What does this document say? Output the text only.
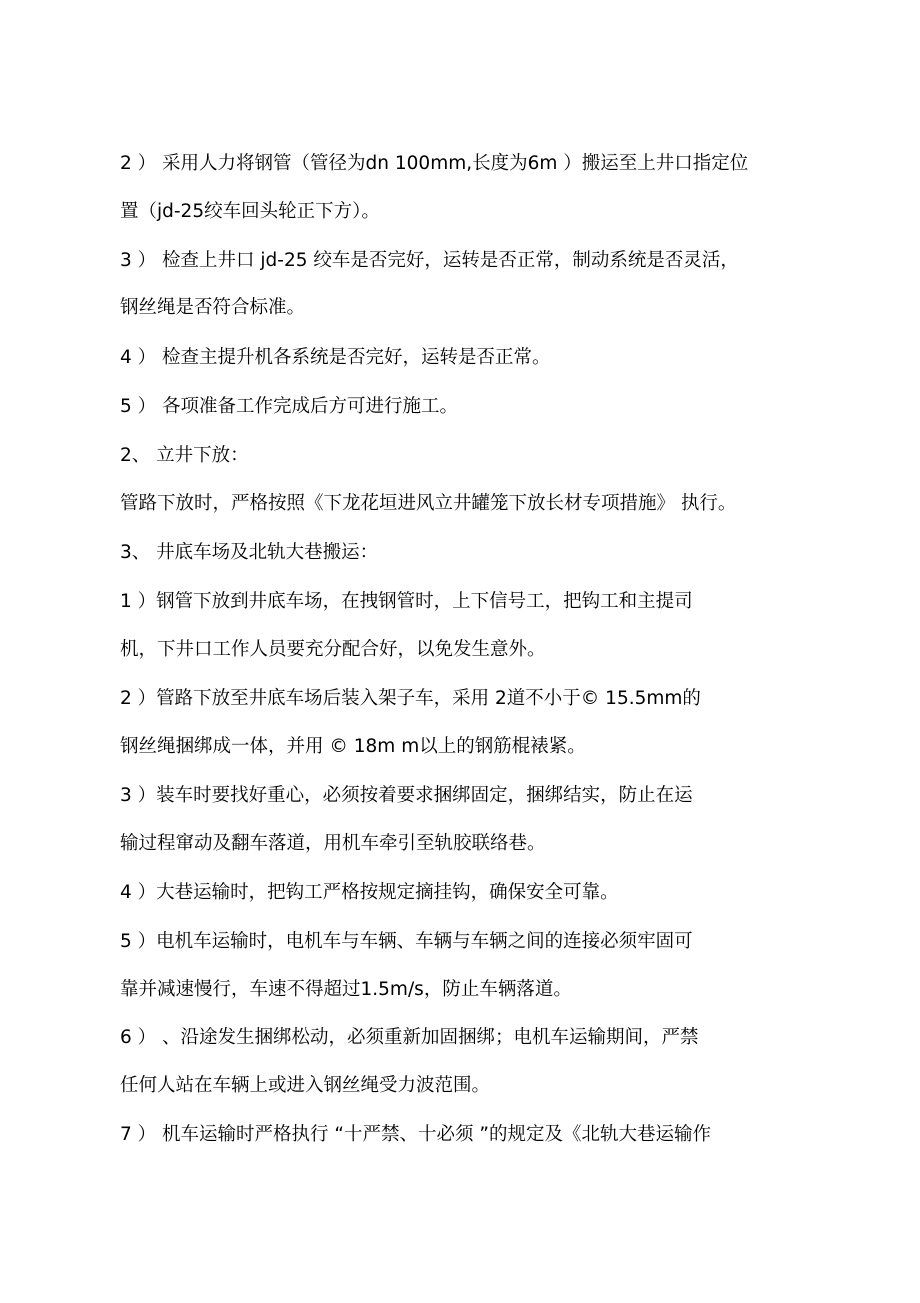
2 ） 采用人力将钢管（管径为dn 100mm,长度为6m ）搬运至上井口指定位
置（jd-25绞车回头轮正下方）。
3 ） 检查上井口 jd-25 绞车是否完好，运转是否正常，制动系统是否灵活，
钢丝绳是否符合标准。
4 ） 检查主提升机各系统是否完好，运转是否正常。
5 ） 各项准备工作完成后方可进行施工。
2、 立井下放：
管路下放时，严格按照《下龙花垣进风立井罐笼下放长材专项措施》 执行。
3、 井底车场及北轨大巷搬运：
1 ）钢管下放到井底车场，在拽钢管时，上下信号工，把钩工和主提司
机，下井口工作人员要充分配合好，以免发生意外。
2 ）管路下放至井底车场后装入架子车，采用 2道不小于© 15.5mm的
钢丝绳捆绑成一体，并用 © 18m m以上的钢筋棍裱紧。
3 ）装车时要找好重心，必须按着要求捆绑固定，捆绑结实，防止在运
输过程窜动及翻车落道，用机车牵引至轨胶联络巷。
4 ）大巷运输时，把钩工严格按规定摘挂钩，确保安全可靠。
5 ）电机车运输时，电机车与车辆、车辆与车辆之间的连接必须牢固可
靠并减速慢行，车速不得超过1.5m/s，防止车辆落道。
6 ） 、沿途发生捆绑松动，必须重新加固捆绑；电机车运输期间，严禁
任何人站在车辆上或进入钢丝绳受力波范围。
7 ） 机车运输时严格执行 “十严禁、十必须 ”的规定及《北轨大巷运输作
